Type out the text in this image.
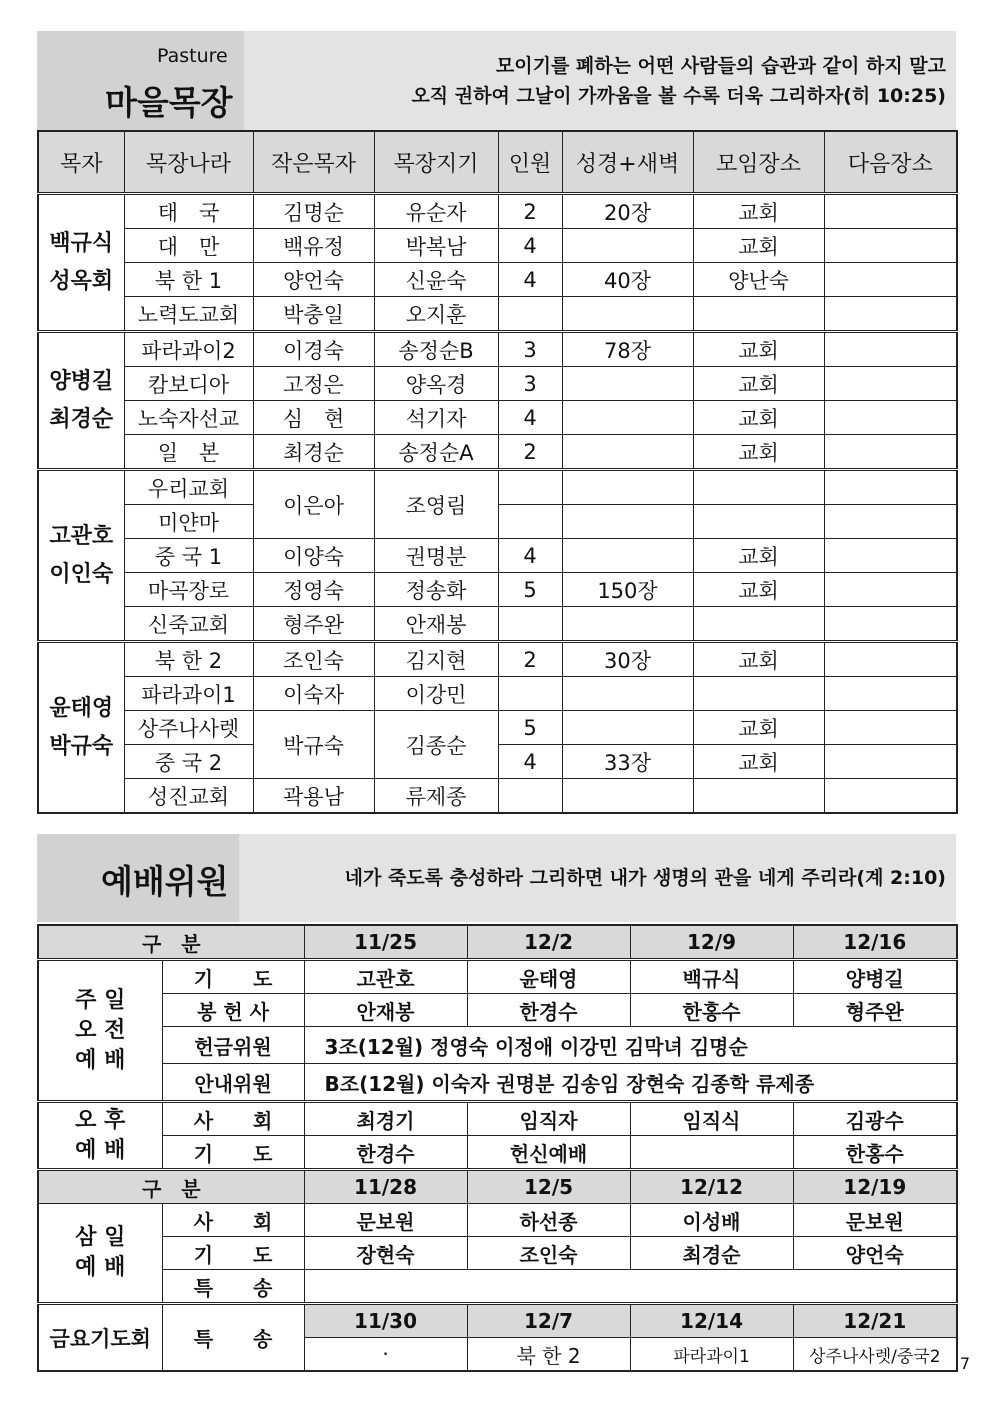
Pasture
마을목장
모이기를 폐하는 어떤 사람들의 습관과 같이 하지 말고
오직 권하여 그날이 가까움을 볼 수록 더욱 그리하자(히 10:25)
목자	목장나라	작은목자	목장지기	인원	성경+새벽	모임장소	다음장소

백규식
성옥회	태　국	김명순	유순자	2	20장	교회	
	대　만	백유정	박복남	4		교회	
	북 한 1	양언숙	신윤숙	4	40장	양난숙	
	노력도교회	박충일	오지훈				

양병길
최경순	파라과이2	이경숙	송정순B	3	78장	교회	
	캄보디아	고정은	양옥경	3		교회	
	노숙자선교	심　현	석기자	4		교회	
	일　본	최경순	송정순A	2		교회	

고관호
이인숙	우리교회	이은아	조영림				
	미얀마						
	중 국 1	이양숙	권명분	4		교회	
	마곡장로	정영숙	정송화	5	150장	교회	
	신죽교회	형주완	안재봉				

윤태영
박규숙	북 한 2	조인숙	김지현	2	30장	교회	
	파라과이1	이숙자	이강민				
	상주나사렛	박규숙	김종순	5		교회	
	중 국 2			4	33장	교회	
	성진교회	곽용남	류제종				
예배위원	네가 죽도록 충성하라 그리하면 내가 생명의 관을 네게 주리라(계 2:10)
구　분		11/25	12/2	12/9	12/16

주 일
오 전
예 배	기　　도	고관호	윤태영	백규식	양병길
	봉 헌 사	안재봉	한경수	한홍수	형주완
	헌금위원	3조(12월) 정영숙 이정애 이강민 김막녀 김명순			
	안내위원	B조(12월) 이숙자 권명분 김송임 장현숙 김종학 류제종			

오 후
예 배	사　　회	최경기	임직자	임직식	김광수
	기　　도	한경수	헌신예배		한홍수
구　분		11/28	12/5	12/12	12/19

삼 일
예 배	사　　회	문보원	하선종	이성배	문보원
	기　　도	장현숙	조인숙	최경순	양언숙
	특　　송				
금요기도회	특　　송	11/30	12/7	12/14	12/21
		·	북 한 2	파라과이1	상주나사렛/중국2 7
